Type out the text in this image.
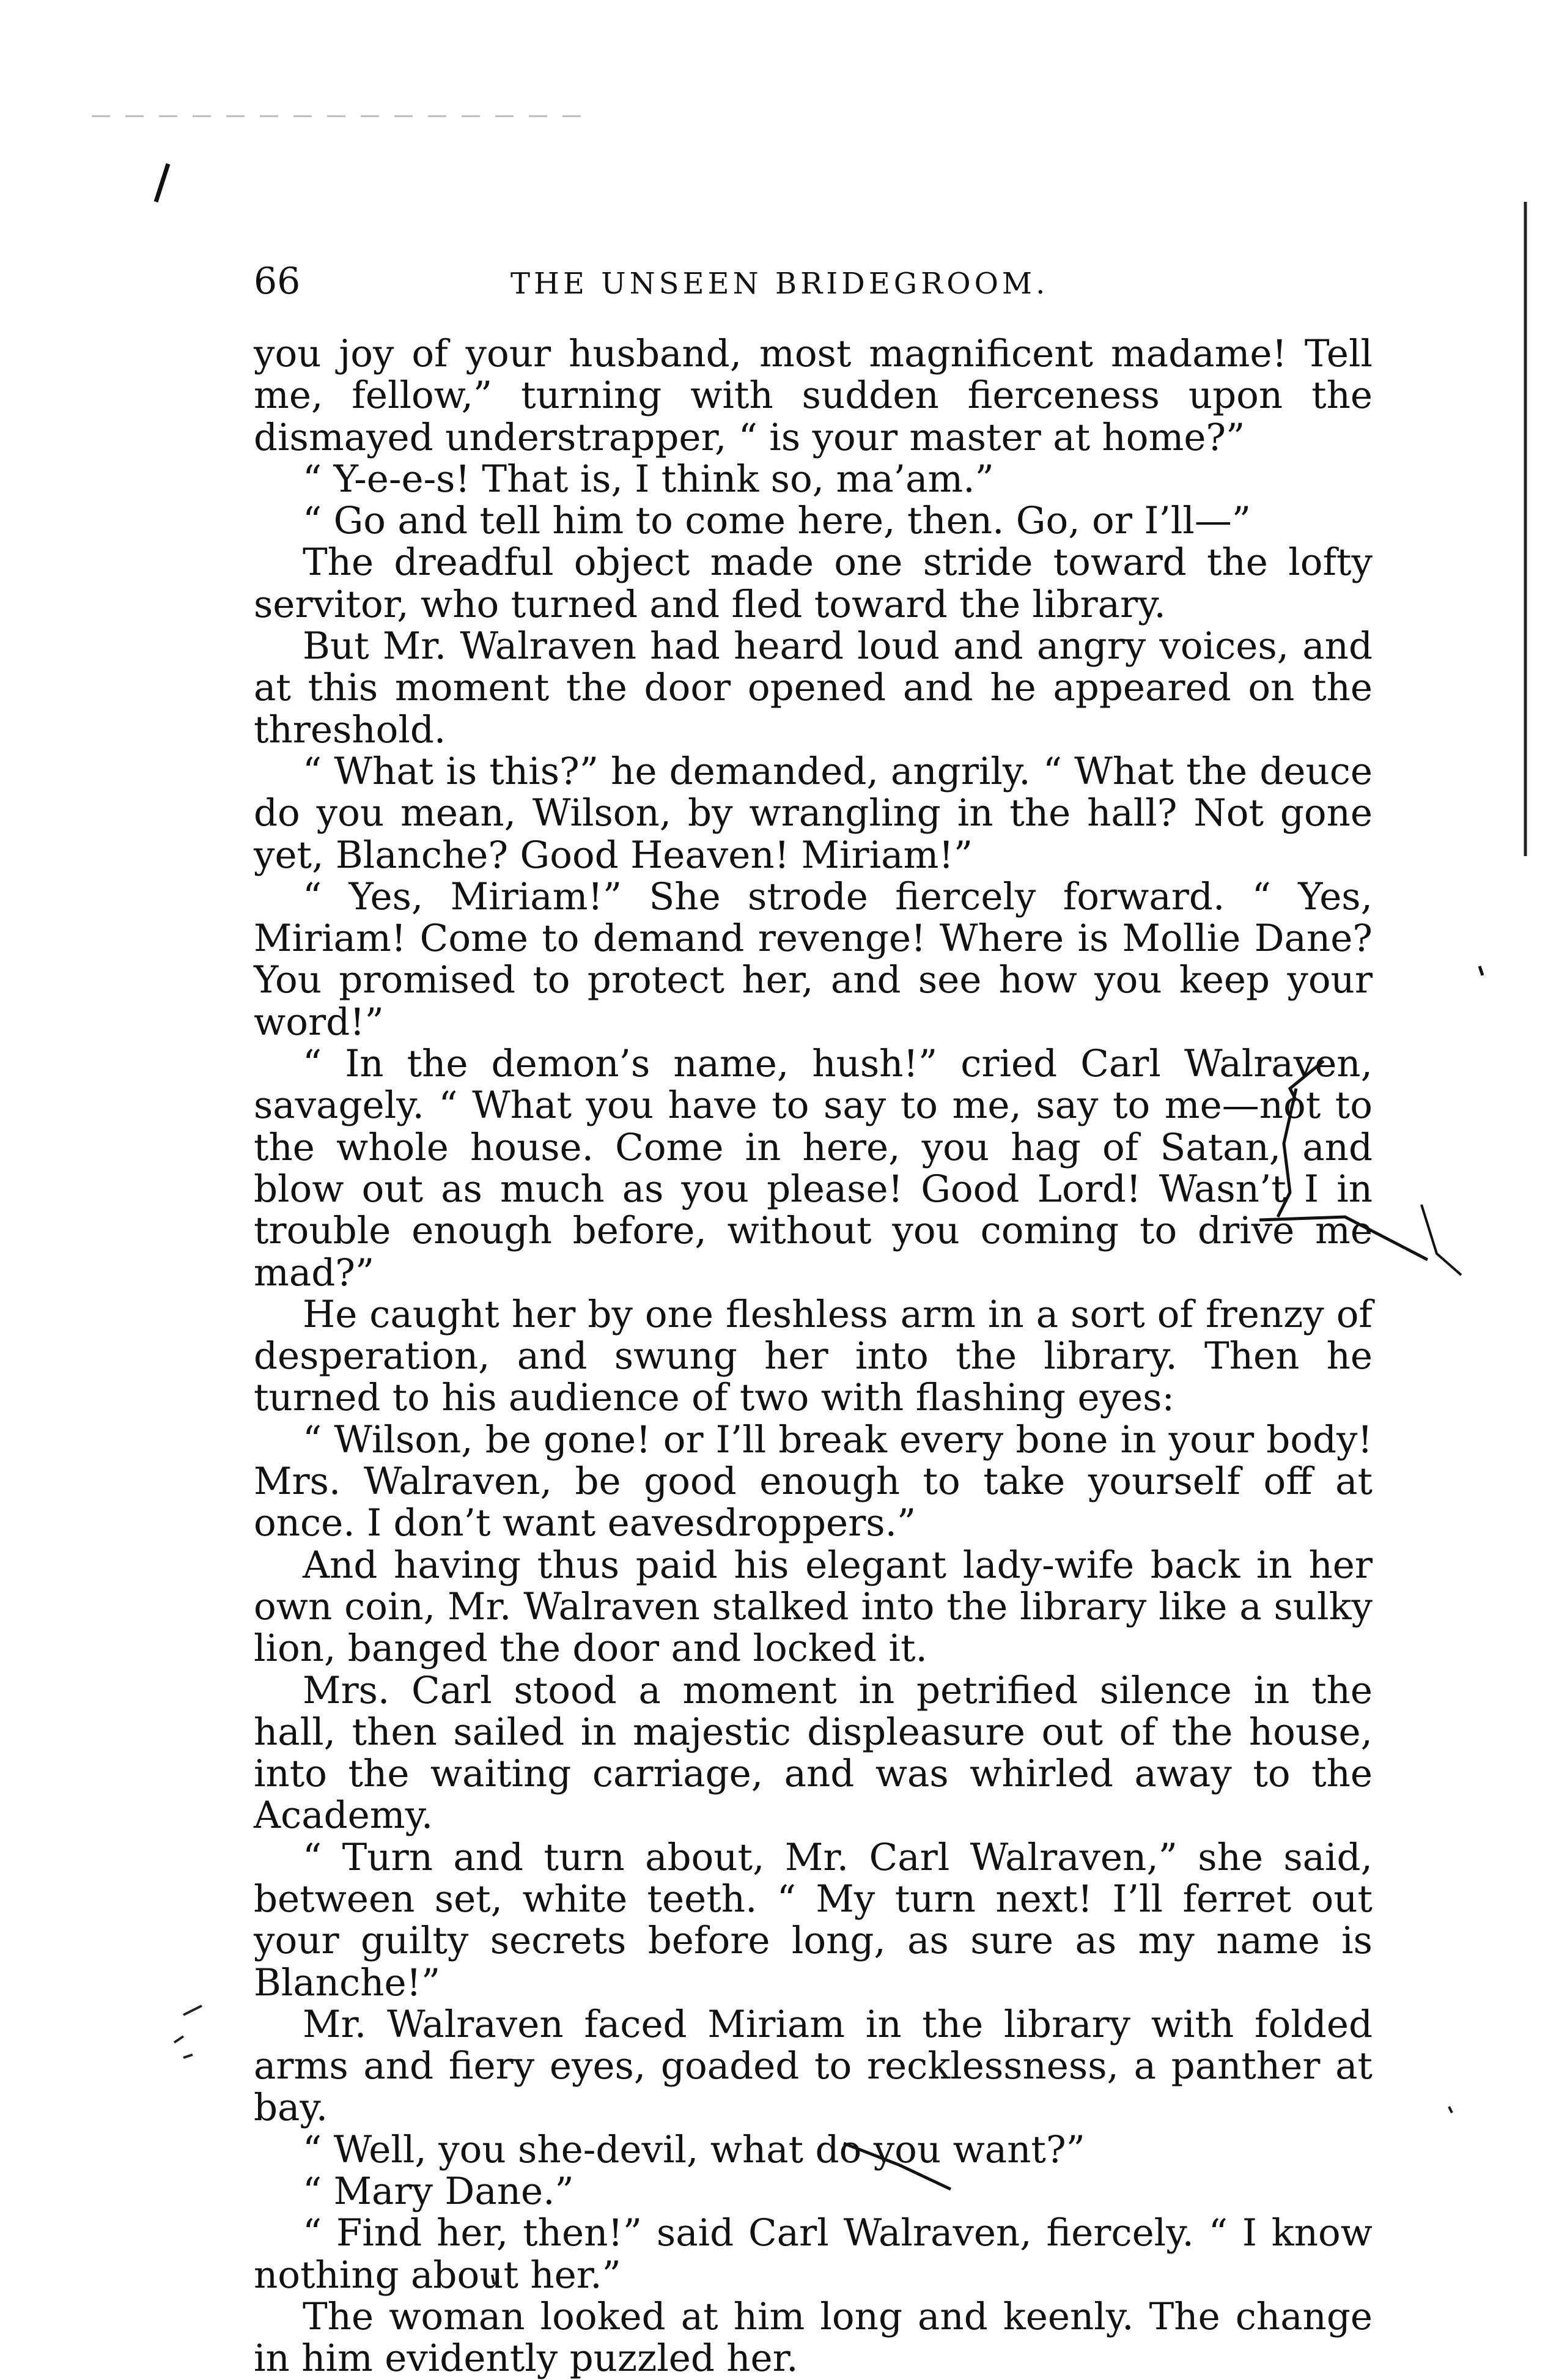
66	THE UNSEEN BRIDEGROOM.

you joy of your husband, most magnificent madame! Tell me, fellow,” turning with sudden fierceness upon the dismayed understrapper, “ is your master at home?”

“ Y-e-e-s! That is, I think so, ma’am.”

“ Go and tell him to come here, then. Go, or I’ll—”

The dreadful object made one stride toward the lofty servitor, who turned and fled toward the library.

But Mr. Walraven had heard loud and angry voices, and at this moment the door opened and he appeared on the threshold.

“ What is this?” he demanded, angrily. “ What the deuce do you mean, Wilson, by wrangling in the hall? Not gone yet, Blanche? Good Heaven! Miriam!”

“ Yes, Miriam!” She strode fiercely forward. “ Yes, Miriam! Come to demand revenge! Where is Mollie Dane? You promised to protect her, and see how you keep your word!”

“ In the demon’s name, hush!” cried Carl Walraven, savagely. “ What you have to say to me, say to me—not to the whole house. Come in here, you hag of Satan, and blow out as much as you please! Good Lord! Wasn’t I in trouble enough before, without you coming to drive me mad?”

He caught her by one fleshless arm in a sort of frenzy of desperation, and swung her into the library. Then he turned to his audience of two with flashing eyes:

“ Wilson, be gone! or I’ll break every bone in your body! Mrs. Walraven, be good enough to take yourself off at once. I don’t want eavesdroppers.”

And having thus paid his elegant lady-wife back in her own coin, Mr. Walraven stalked into the library like a sulky lion, banged the door and locked it.

Mrs. Carl stood a moment in petrified silence in the hall, then sailed in majestic displeasure out of the house, into the waiting carriage, and was whirled away to the Academy.

“ Turn and turn about, Mr. Carl Walraven,” she said, between set, white teeth. “ My turn next! I’ll ferret out your guilty secrets before long, as sure as my name is Blanche!”

Mr. Walraven faced Miriam in the library with folded arms and fiery eyes, goaded to recklessness, a panther at bay.

“ Well, you she-devil, what do you want?”

“ Mary Dane.”

“ Find her, then!” said Carl Walraven, fiercely. “ I know nothing about her.”

The woman looked at him long and keenly. The change in him evidently puzzled her.
